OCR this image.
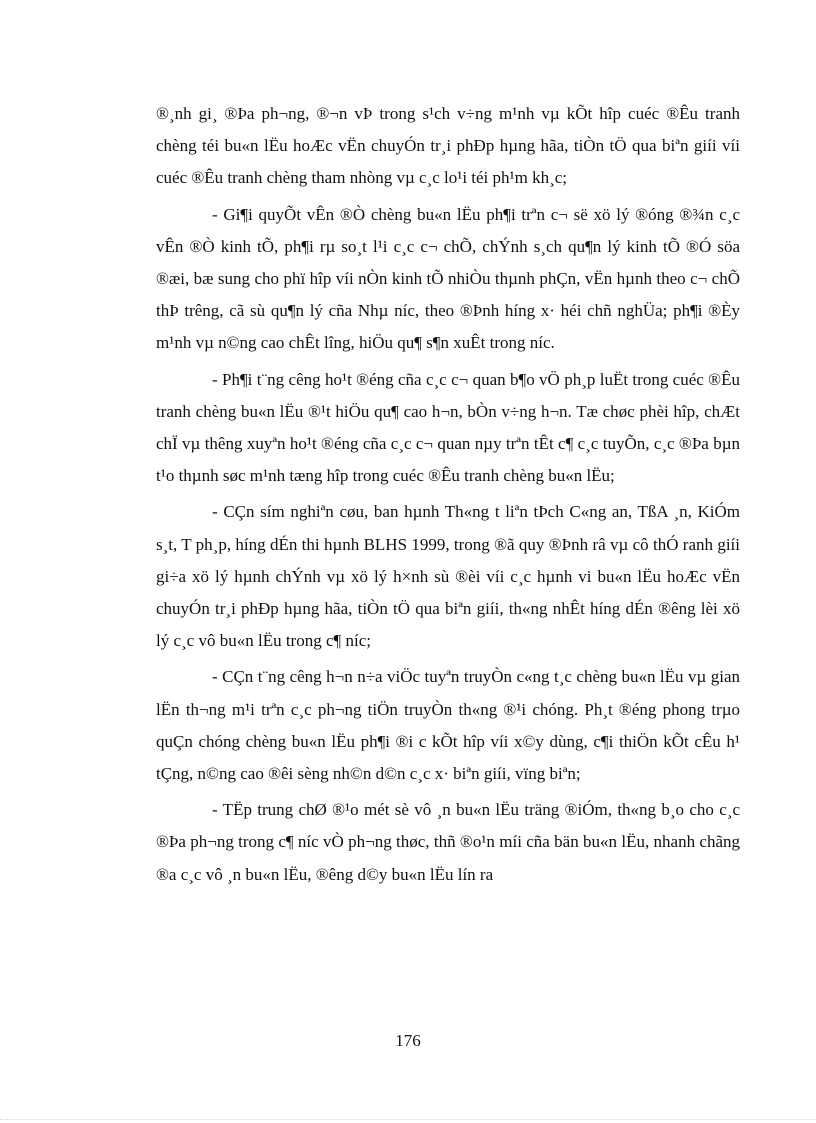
®¸nh gi¸ ®Þa ph¬ng, ®¬n vÞ trong s¹ch v÷ng m¹nh vµ kÕt hîp cuéc ®Êu tranh chèng téi bu«n lËu hoÆc vËn chuyÓn tr¸i phÐp hµng hãa, tiÒn tÖ qua biªn giíi víi cuéc ®Êu tranh chèng tham nhòng vµ c¸c lo¹i téi ph¹m kh¸c;

- Gi¶i quyÕt vÊn ®Ò chèng bu«n lËu ph¶i trªn c¬ së xö lý ®óng ®¾n c¸c vÊn ®Ò kinh tÕ, ph¶i rµ so¸t l¹i c¸c c¬ chÕ, chÝnh s¸ch qu¶n lý kinh tÕ ®Ó söa ®æi, bæ sung cho phï hîp víi nÒn kinh tÕ nhiÒu thµnh phÇn, vËn hµnh theo c¬ chÕ thÞ trêng, cã sù qu¶n lý cña Nhµ níc, theo ®Þnh híng x· héi chñ nghÜa; ph¶i ®Èy m¹nh vµ n©ng cao chÊt lîng, hiÖu qu¶ s¶n xuÊt trong níc.

- Ph¶i t¨ng cêng ho¹t ®éng cña c¸c c¬ quan b¶o vÖ ph¸p luËt trong cuéc ®Êu tranh chèng bu«n lËu ®¹t hiÖu qu¶ cao h¬n, bÒn v÷ng h¬n. Tæ chøc phèi hîp, chÆt chÏ vµ thêng xuyªn ho¹t ®éng cña c¸c c¬ quan nµy trªn tÊt c¶ c¸c tuyÕn, c¸c ®Þa bµn t¹o thµnh søc m¹nh tæng hîp trong cuéc ®Êu tranh chèng bu«n lËu;

- CÇn sím nghiªn cøu, ban hµnh Th«ng t liªn tÞch C«ng an, TßA ¸n, KiÓm s¸t, T ph¸p, híng dÉn thi hµnh BLHS 1999, trong ®ã quy ®Þnh râ vµ cô thÓ ranh giíi gi÷a xö lý hµnh chÝnh vµ xö lý h×nh sù ®èi víi c¸c hµnh vi bu«n lËu hoÆc vËn chuyÓn tr¸i phÐp hµng hãa, tiÒn tÖ qua biªn giíi, th«ng nhÊt híng dÉn ®êng lèi xö lý c¸c vô bu«n lËu trong c¶ níc;

- CÇn t¨ng cêng h¬n n÷a viÖc tuyªn truyÒn c«ng t¸c chèng bu«n lËu vµ gian lËn th¬ng m¹i trªn c¸c ph¬ng tiÖn truyÒn th«ng ®¹i chóng. Ph¸t ®éng phong trµo quÇn chóng chèng bu«n lËu ph¶i ®i c kÕt hîp víi x©y dùng, c¶i thiÖn kÕt cÊu h¹ tÇng, n©ng cao ®êi sèng nh©n d©n c¸c x· biªn giíi, vïng biªn;

- TËp trung chØ ®¹o mét sè vô ¸n bu«n lËu träng ®iÓm, th«ng b¸o cho c¸c ®Þa ph¬ng trong c¶ níc vÒ ph¬ng thøc, thñ ®o¹n míi cña bän bu«n lËu, nhanh chãng ®a c¸c vô ¸n bu«n lËu, ®êng d©y bu«n lËu lín ra

176
